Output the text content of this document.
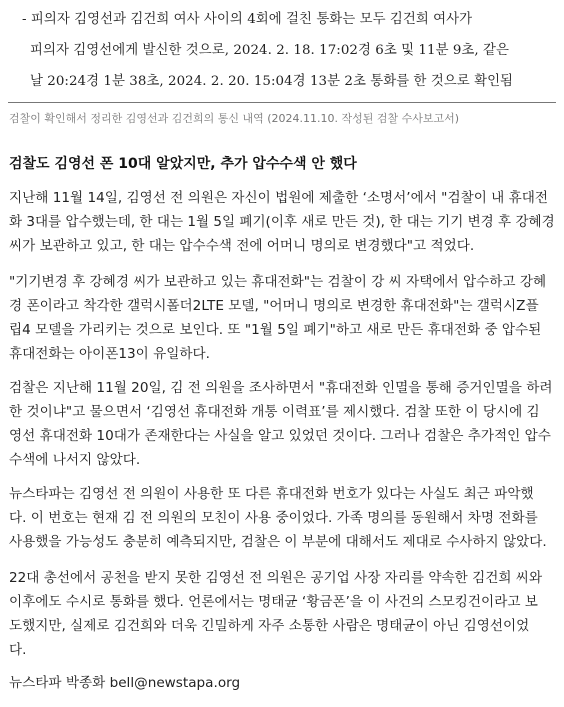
- 피의자 김영선과 김건희 여사 사이의 4회에 걸친 통화는 모두 김건희 여사가
피의자 김영선에게 발신한 것으로, 2024. 2. 18. 17:02경 6초 및 11분 9초, 같은
날 20:24경 1분 38초, 2024. 2. 20. 15:04경 13분 2초 통화를 한 것으로 확인됨
검찰이 확인해서 정리한 김영선과 김건희의 통신 내역 (2024.11.10. 작성된 검찰 수사보고서)
검찰도 김영선 폰 10대 알았지만, 추가 압수수색 안 했다
지난해 11월 14일, 김영선 전 의원은 자신이 법원에 제출한 ‘소명서’에서 "검찰이 내 휴대전
화 3대를 압수했는데, 한 대는 1월 5일 폐기(이후 새로 만든 것), 한 대는 기기 변경 후 강혜경
씨가 보관하고 있고, 한 대는 압수수색 전에 어머니 명의로 변경했다"고 적었다.
"기기변경 후 강혜경 씨가 보관하고 있는 휴대전화"는 검찰이 강 씨 자택에서 압수하고 강혜
경 폰이라고 착각한 갤럭시폴더2LTE 모델, "어머니 명의로 변경한 휴대전화"는 갤럭시Z플
립4 모델을 가리키는 것으로 보인다. 또 "1월 5일 폐기"하고 새로 만든 휴대전화 중 압수된
휴대전화는 아이폰13이 유일하다.
검찰은 지난해 11월 20일, 김 전 의원을 조사하면서 "휴대전화 인멸을 통해 증거인멸을 하려
한 것이냐"고 물으면서 ‘김영선 휴대전화 개통 이력표’를 제시했다. 검찰 또한 이 당시에 김
영선 휴대전화 10대가 존재한다는 사실을 알고 있었던 것이다. 그러나 검찰은 추가적인 압수
수색에 나서지 않았다.
뉴스타파는 김영선 전 의원이 사용한 또 다른 휴대전화 번호가 있다는 사실도 최근 파악했
다. 이 번호는 현재 김 전 의원의 모친이 사용 중이었다. 가족 명의를 동원해서 차명 전화를
사용했을 가능성도 충분히 예측되지만, 검찰은 이 부분에 대해서도 제대로 수사하지 않았다.
22대 총선에서 공천을 받지 못한 김영선 전 의원은 공기업 사장 자리를 약속한 김건희 씨와
이후에도 수시로 통화를 했다. 언론에서는 명태균 ‘황금폰’을 이 사건의 스모킹건이라고 보
도했지만, 실제로 김건희와 더욱 긴밀하게 자주 소통한 사람은 명태균이 아닌 김영선이었
다.
뉴스타파 박종화 bell@newstapa.org
